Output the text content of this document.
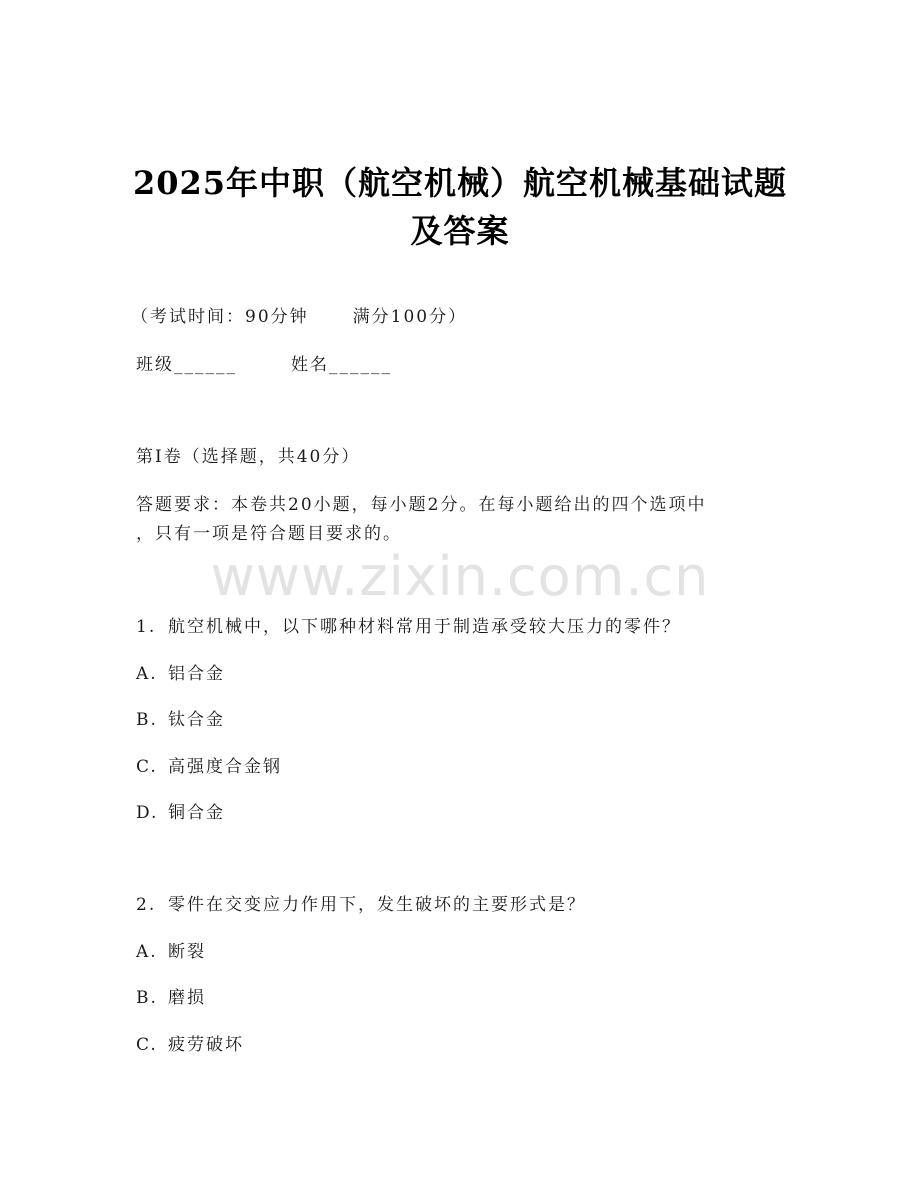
2025年中职（航空机械）航空机械基础试题
及答案
（考试时间：90分钟	满分100分）
班级______	姓名______
第I卷（选择题，共40分）
答题要求：本卷共20小题，每小题2分。在每小题给出的四个选项中
，只有一项是符合题目要求的。
www.zixin.com.cn
1. 航空机械中，以下哪种材料常用于制造承受较大压力的零件？
A. 铝合金
B. 钛合金
C. 高强度合金钢
D. 铜合金
2. 零件在交变应力作用下，发生破坏的主要形式是？
A. 断裂
B. 磨损
C. 疲劳破坏
